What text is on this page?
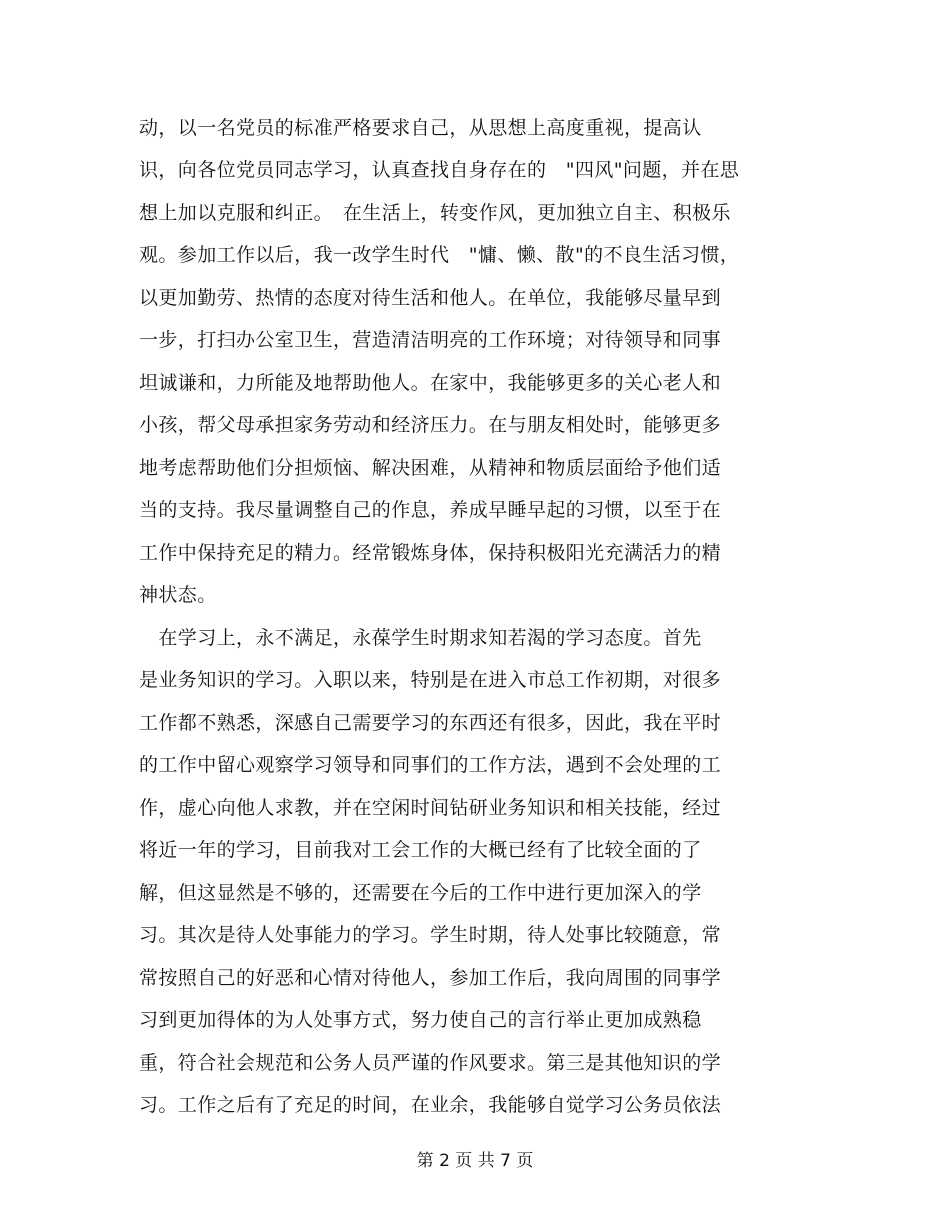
动，以一名党员的标准严格要求自己，从思想上高度重视，提高认
识，向各位党员同志学习，认真查找自身存在的　"四风"问题，并在思
想上加以克服和纠正。　在生活上，转变作风，更加独立自主、积极乐
观。参加工作以后，我一改学生时代　"慵、懒、散"的不良生活习惯，
以更加勤劳、热情的态度对待生活和他人。在单位，我能够尽量早到
一步，打扫办公室卫生，营造清洁明亮的工作环境；对待领导和同事
坦诚谦和，力所能及地帮助他人。在家中，我能够更多的关心老人和
小孩，帮父母承担家务劳动和经济压力。在与朋友相处时，能够更多
地考虑帮助他们分担烦恼、解决困难，从精神和物质层面给予他们适
当的支持。我尽量调整自己的作息，养成早睡早起的习惯，以至于在
工作中保持充足的精力。经常锻炼身体，保持积极阳光充满活力的精
神状态。
　在学习上，永不满足，永葆学生时期求知若渴的学习态度。首先
是业务知识的学习。入职以来，特别是在进入市总工作初期，对很多
工作都不熟悉，深感自己需要学习的东西还有很多，因此，我在平时
的工作中留心观察学习领导和同事们的工作方法，遇到不会处理的工
作，虚心向他人求教，并在空闲时间钻研业务知识和相关技能，经过
将近一年的学习，目前我对工会工作的大概已经有了比较全面的了
解，但这显然是不够的，还需要在今后的工作中进行更加深入的学
习。其次是待人处事能力的学习。学生时期，待人处事比较随意，常
常按照自己的好恶和心情对待他人，参加工作后，我向周围的同事学
习到更加得体的为人处事方式，努力使自己的言行举止更加成熟稳
重，符合社会规范和公务人员严谨的作风要求。第三是其他知识的学
习。工作之后有了充足的时间，在业余，我能够自觉学习公务员依法
第 2 页 共 7 页
